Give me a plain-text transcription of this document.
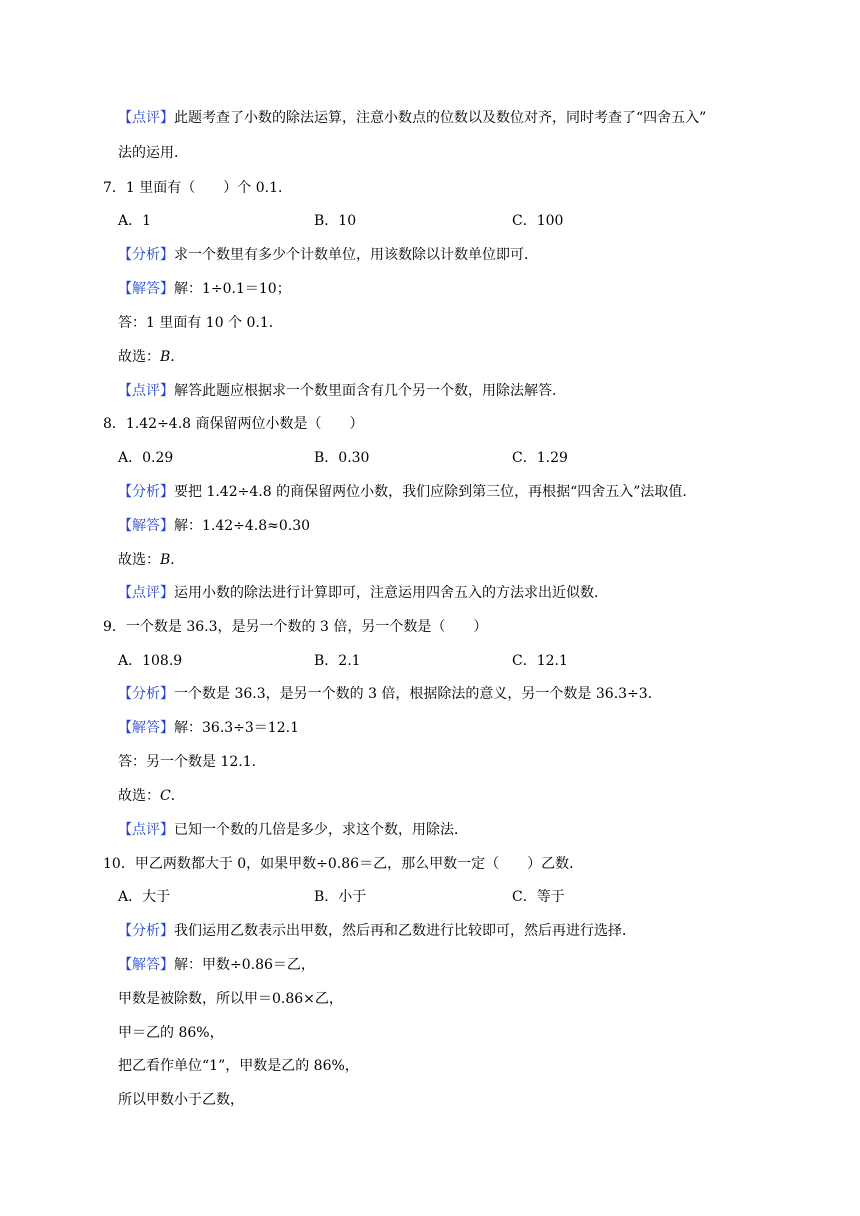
【点评】此题考查了小数的除法运算，注意小数点的位数以及数位对齐，同时考查了“四舍五入”
法的运用．
7．1 里面有（　　）个 0.1．
A．1	B．10	C．100
【分析】求一个数里有多少个计数单位，用该数除以计数单位即可．
【解答】解：1÷0.1＝10；
答：1 里面有 10 个 0.1．
故选：B．
【点评】解答此题应根据求一个数里面含有几个另一个数，用除法解答．
8．1.42÷4.8 商保留两位小数是（　　）
A．0.29	B．0.30	C．1.29
【分析】要把 1.42÷4.8 的商保留两位小数，我们应除到第三位，再根据“四舍五入”法取值．
【解答】解：1.42÷4.8≈0.30
故选：B．
【点评】运用小数的除法进行计算即可，注意运用四舍五入的方法求出近似数．
9．一个数是 36.3，是另一个数的 3 倍，另一个数是（　　）
A．108.9	B．2.1	C．12.1
【分析】一个数是 36.3，是另一个数的 3 倍，根据除法的意义，另一个数是 36.3÷3．
【解答】解：36.3÷3＝12.1
答：另一个数是 12.1．
故选：C．
【点评】已知一个数的几倍是多少，求这个数，用除法．
10．甲乙两数都大于 0，如果甲数÷0.86＝乙，那么甲数一定（　　）乙数．
A．大于	B．小于	C．等于
【分析】我们运用乙数表示出甲数，然后再和乙数进行比较即可，然后再进行选择．
【解答】解：甲数÷0.86＝乙，
甲数是被除数，所以甲＝0.86×乙，
甲＝乙的 86%，
把乙看作单位“1”，甲数是乙的 86%，
所以甲数小于乙数，
